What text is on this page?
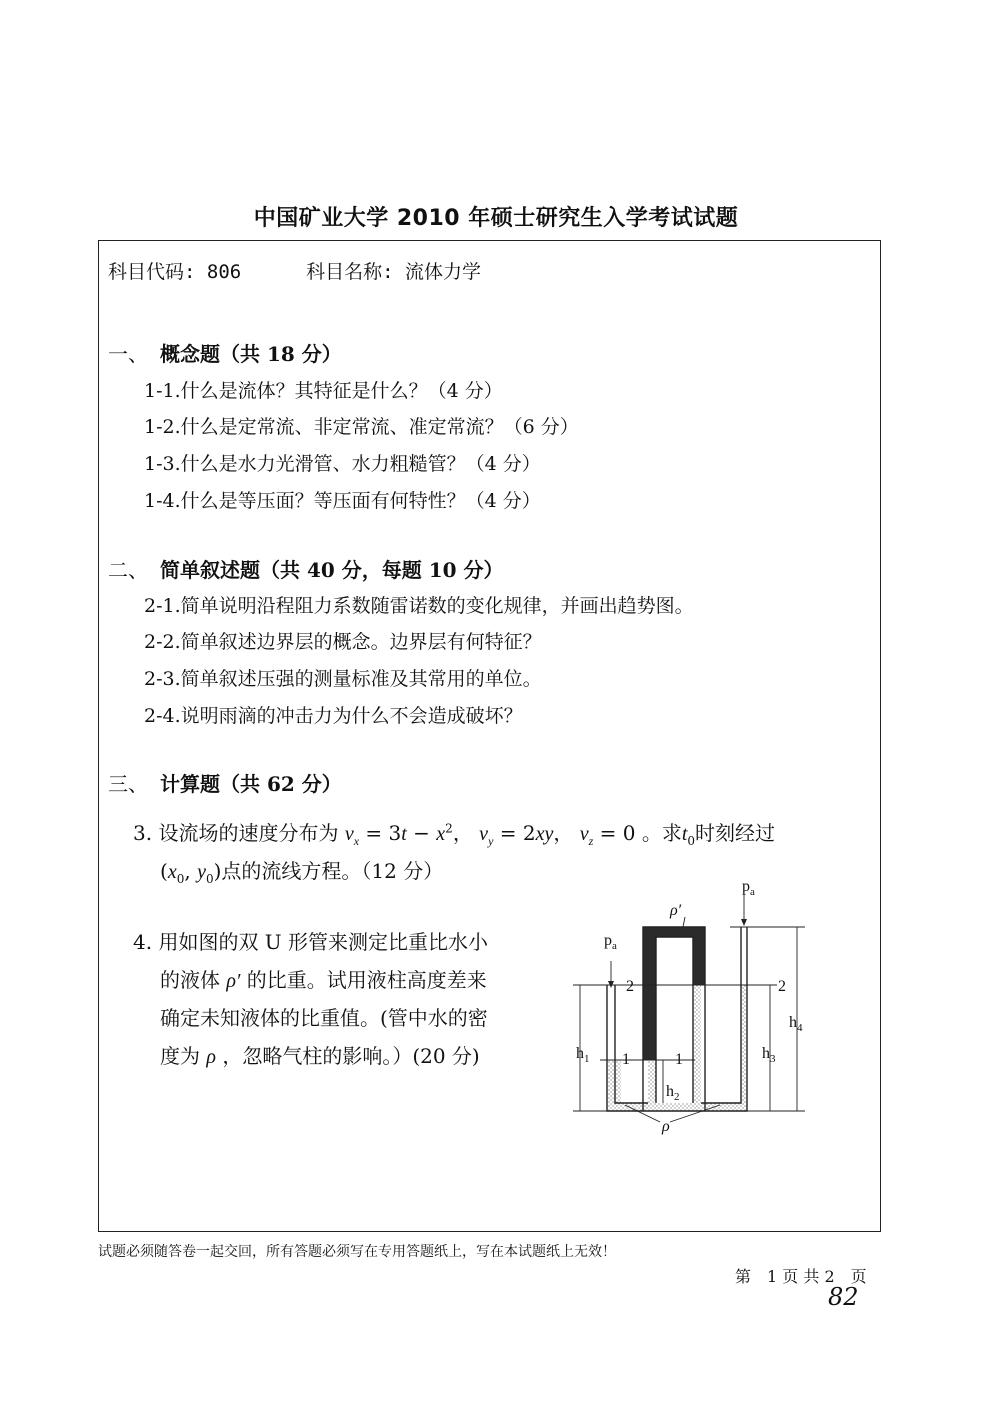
中国矿业大学 2010 年硕士研究生入学考试试题
科目代码: 806	科目名称: 流体力学
一、 概念题（共 18 分）
1-1.什么是流体？其特征是什么？（4 分）
1-2.什么是定常流、非定常流、准定常流？（6 分）
1-3.什么是水力光滑管、水力粗糙管？（4 分）
1-4.什么是等压面？等压面有何特性？（4 分）
二、 简单叙述题（共 40 分，每题 10 分）
2-1.简单说明沿程阻力系数随雷诺数的变化规律，并画出趋势图。
2-2.简单叙述边界层的概念。边界层有何特征？
2-3.简单叙述压强的测量标准及其常用的单位。
2-4.说明雨滴的冲击力为什么不会造成破坏？
三、 计算题（共 62 分）
3. 设流场的速度分布为 $v_x = 3t - x^2$， $v_y = 2xy$， $v_z = 0$ 。求$t_0$时刻经过
($x_0$, $y_0$)点的流线方程。（12 分）
4. 用如图的双 U 形管来测定比重比水小
的液体 ρ′ 的比重。试用液柱高度差来
确定未知液体的比重值。(管中水的密
度为 ρ ，忽略气柱的影响。）(20 分)
ρ′
ρ
$p_a$
$p_a$
2	2
1	1
$h_1$
$h_2$
$h_3$
$h_4$
试题必须随答卷一起交回，所有答题必须写在专用答题纸上，写在本试题纸上无效！
第　1 页 共 2　页
82
